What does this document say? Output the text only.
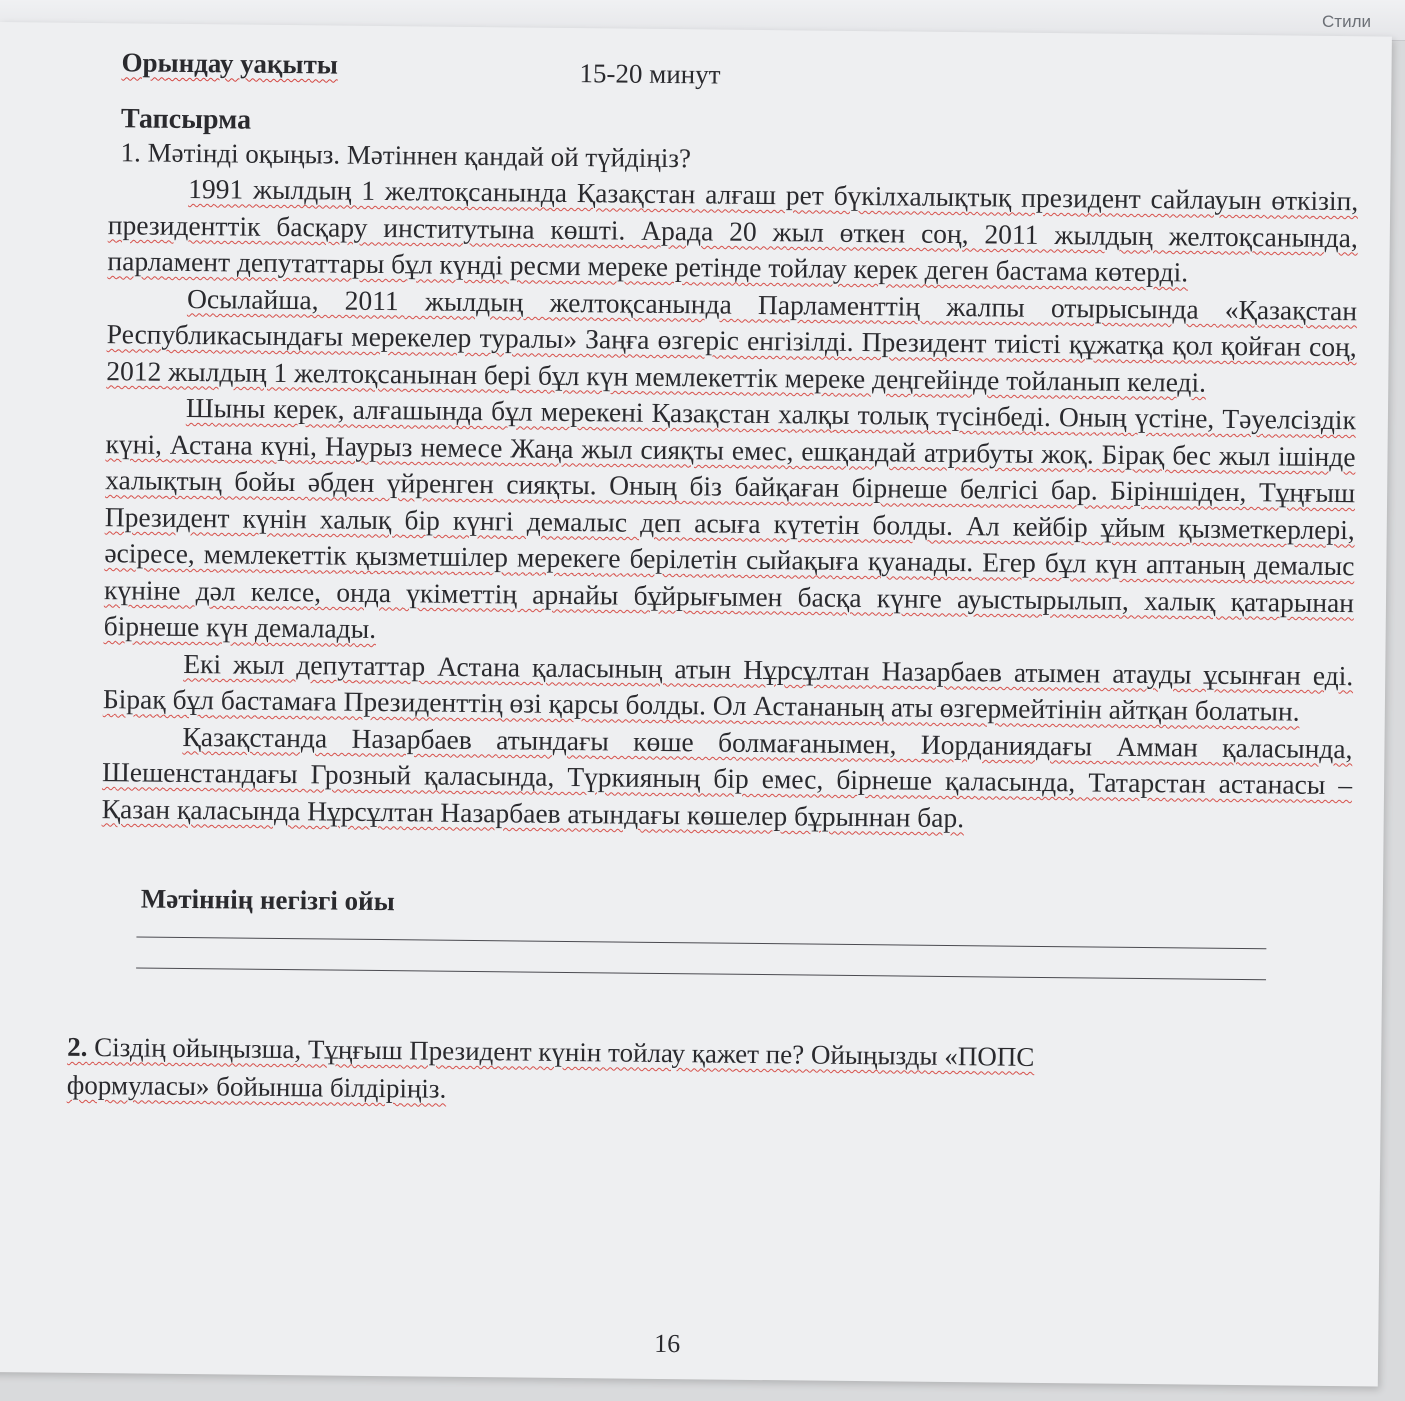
Стили
Орындау уақыты	15-20 минут
Тапсырма
1. Мәтінді оқыңыз. Мәтіннен қандай ой түйдіңіз?

1991 жылдың 1 желтоқсанында Қазақстан алғаш рет бүкілхалықтық президент сайлауын өткізіп, президенттік басқару институтына көшті. Арада 20 жыл өткен соң, 2011 жылдың желтоқсанында, парламент депутаттары бұл күнді ресми мереке ретінде тойлау керек деген бастама көтерді.

Осылайша, 2011 жылдың желтоқсанында Парламенттің жалпы отырысында «Қазақстан Республикасындағы мерекелер туралы» Заңға өзгеріс енгізілді. Президент тиісті құжатқа қол қойған соң, 2012 жылдың 1 желтоқсанынан бері бұл күн мемлекеттік мереке деңгейінде тойланып келеді.

Шыны керек, алғашында бұл мерекені Қазақстан халқы толық түсінбеді. Оның үстіне, Тәуелсіздік күні, Астана күні, Наурыз немесе Жаңа жыл сияқты емес, ешқандай атрибуты жоқ. Бірақ бес жыл ішінде халықтың бойы әбден үйренген сияқты. Оның біз байқаған бірнеше белгісі бар. Біріншіден, Тұңғыш Президент күнін халық бір күнгі демалыс деп асыға күтетін болды. Ал кейбір ұйым қызметкерлері, әсіресе, мемлекеттік қызметшілер мерекеге берілетін сыйақыға қуанады. Егер бұл күн аптаның демалыс күніне дәл келсе, онда үкіметтің арнайы бұйрығымен басқа күнге ауыстырылып, халық қатарынан бірнеше күн демалады.

Екі жыл депутаттар Астана қаласының атын Нұрсұлтан Назарбаев атымен атауды ұсынған еді. Бірақ бұл бастамаға Президенттің өзі қарсы болды. Ол Астананың аты өзгермейтінін айтқан болатын.

Қазақстанда Назарбаев атындағы көше болмағанымен, Иорданиядағы Амман қаласында, Шешенстандағы Грозный қаласында, Түркияның бір емес, бірнеше қаласында, Татарстан астанасы – Қазан қаласында Нұрсұлтан Назарбаев атындағы көшелер бұрыннан бар.

Мәтіннің негізгі ойы
2. Сіздің ойыңызша, Тұңғыш Президент күнін тойлау қажет пе? Ойыңызды «ПОПС формуласы» бойынша білдіріңіз.
16
